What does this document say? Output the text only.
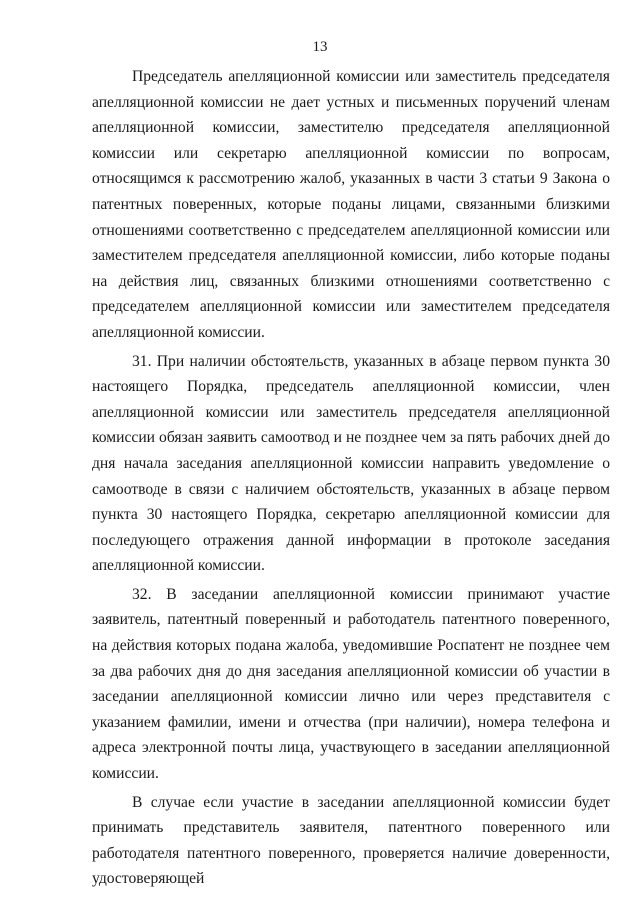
13

Председатель апелляционной комиссии или заместитель председателя апелляционной комиссии не дает устных и письменных поручений членам апелляционной комиссии, заместителю председателя апелляционной комиссии или секретарю апелляционной комиссии по вопросам, относящимся к рассмотрению жалоб, указанных в части 3 статьи 9 Закона о патентных поверенных, которые поданы лицами, связанными близкими отношениями соответственно с председателем апелляционной комиссии или заместителем председателя апелляционной комиссии, либо которые поданы на действия лиц, связанных близкими отношениями соответственно с председателем апелляционной комиссии или заместителем председателя апелляционной комиссии.

31. При наличии обстоятельств, указанных в абзаце первом пункта 30 настоящего Порядка, председатель апелляционной комиссии, член апелляционной комиссии или заместитель председателя апелляционной комиссии обязан заявить самоотвод и не позднее чем за пять рабочих дней до дня начала заседания апелляционной комиссии направить уведомление о самоотводе в связи с наличием обстоятельств, указанных в абзаце первом пункта 30 настоящего Порядка, секретарю апелляционной комиссии для последующего отражения данной информации в протоколе заседания апелляционной комиссии.

32. В заседании апелляционной комиссии принимают участие заявитель, патентный поверенный и работодатель патентного поверенного, на действия которых подана жалоба, уведомившие Роспатент не позднее чем за два рабочих дня до дня заседания апелляционной комиссии об участии в заседании апелляционной комиссии лично или через представителя с указанием фамилии, имени и отчества (при наличии), номера телефона и адреса электронной почты лица, участвующего в заседании апелляционной комиссии.

В случае если участие в заседании апелляционной комиссии будет принимать представитель заявителя, патентного поверенного или работодателя патентного поверенного, проверяется наличие доверенности, удостоверяющей
